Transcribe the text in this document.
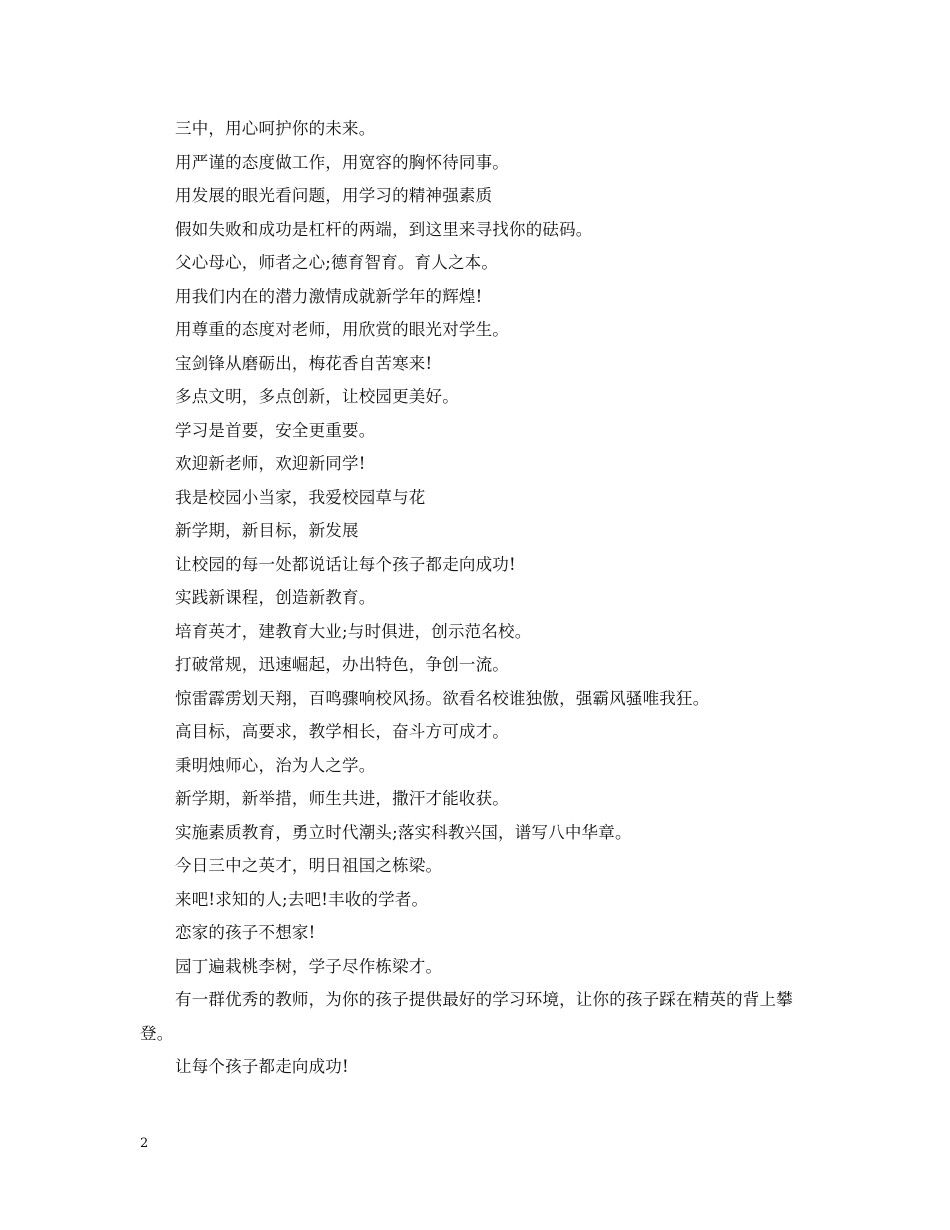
三中，用心呵护你的未来。
用严谨的态度做工作，用宽容的胸怀待同事。
用发展的眼光看问题，用学习的精神强素质
假如失败和成功是杠杆的两端，到这里来寻找你的砝码。
父心母心，师者之心;德育智育。育人之本。
用我们内在的潜力激情成就新学年的辉煌!
用尊重的态度对老师，用欣赏的眼光对学生。
宝剑锋从磨砺出，梅花香自苦寒来!
多点文明，多点创新，让校园更美好。
学习是首要，安全更重要。
欢迎新老师，欢迎新同学!
我是校园小当家，我爱校园草与花
新学期，新目标，新发展
让校园的每一处都说话让每个孩子都走向成功!
实践新课程，创造新教育。
培育英才，建教育大业;与时俱进，创示范名校。
打破常规，迅速崛起，办出特色，争创一流。
惊雷霹雳划天翔，百鸣骤响校风扬。欲看名校谁独傲，强霸风骚唯我狂。
高目标，高要求，教学相长，奋斗方可成才。
秉明烛师心，治为人之学。
新学期，新举措，师生共进，撒汗才能收获。
实施素质教育，勇立时代潮头;落实科教兴国，谱写八中华章。
今日三中之英才，明日祖国之栋梁。
来吧!求知的人;去吧!丰收的学者。
恋家的孩子不想家!
园丁遍栽桃李树，学子尽作栋梁才。
有一群优秀的教师，为你的孩子提供最好的学习环境，让你的孩子踩在精英的背上攀登。
让每个孩子都走向成功!
2
